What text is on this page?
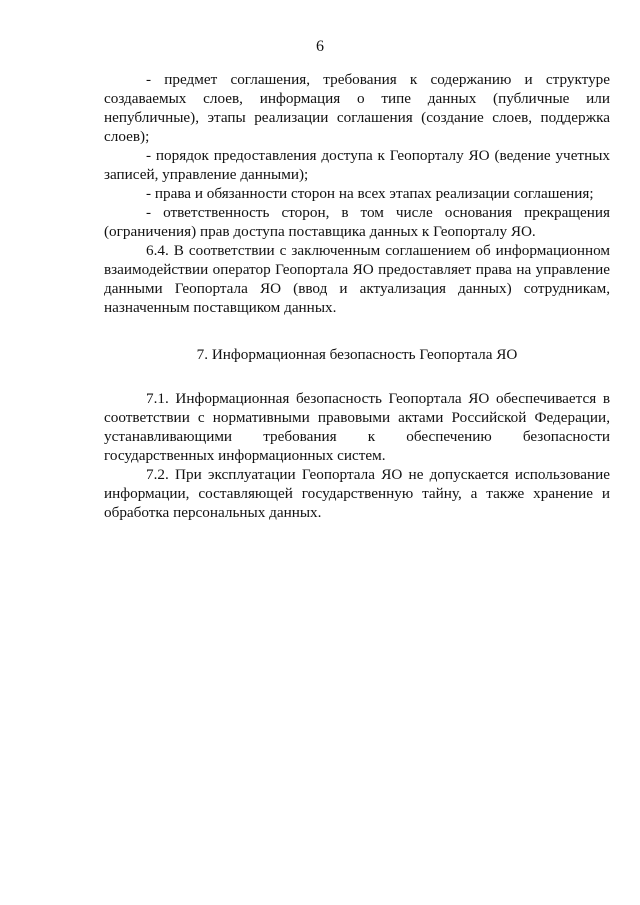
6

- предмет соглашения, требования к содержанию и структуре создаваемых слоев, информация о типе данных (публичные или непубличные), этапы реализации соглашения (создание слоев, поддержка слоев);

- порядок предоставления доступа к Геопорталу ЯО (ведение учетных записей, управление данными);

- права и обязанности сторон на всех этапах реализации соглашения;

- ответственность сторон, в том числе основания прекращения (ограничения) прав доступа поставщика данных к Геопорталу ЯО.

6.4. В соответствии с заключенным соглашением об информационном взаимодействии оператор Геопортала ЯО предоставляет права на управление данными Геопортала ЯО (ввод и актуализация данных) сотрудникам, назначенным поставщиком данных.

7. Информационная безопасность Геопортала ЯО

7.1. Информационная безопасность Геопортала ЯО обеспечивается в соответствии с нормативными правовыми актами Российской Федерации, устанавливающими требования к обеспечению безопасности государственных информационных систем.

7.2. При эксплуатации Геопортала ЯО не допускается использование информации, составляющей государственную тайну, а также хранение и обработка персональных данных.
